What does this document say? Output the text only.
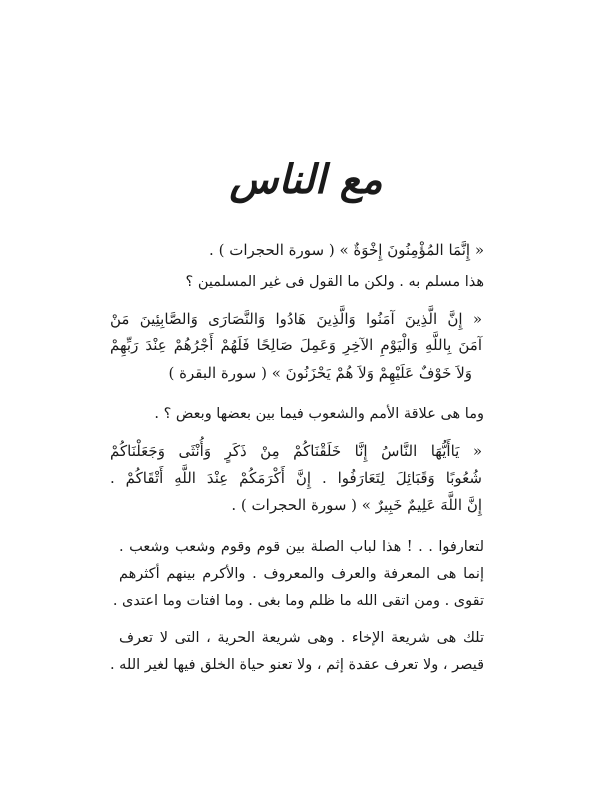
مع الناس
« إِنَّمَا المُؤْمِنُونَ إِخْوَةٌ » ( سورة الحجرات ) .
هذا مسلم به . ولكن ما القول فى غير المسلمين ؟
« إِنَّ الَّذِينَ آمَنُوا وَالَّذِينَ هَادُوا وَالنَّصَارَى وَالصَّابِئِينَ مَنْ
آمَنَ بِاللَّهِ وَالْيَوْمِ الآخِرِ وَعَمِلَ صَالِحًا فَلَهُمْ أَجْرُهُمْ عِنْدَ رَبِّهِمْ
وَلاَ خَوْفٌ عَلَيْهِمْ وَلاَ هُمْ يَحْزَنُونَ » ( سورة البقرة )
وما هى علاقة الأمم والشعوب فيما بين بعضها وبعض ؟ .
« يَاأَيُّهَا النَّاسُ إِنَّا خَلَقْنَاكُمْ مِنْ ذَكَرٍ وَأُنْثَى وَجَعَلْنَاكُمْ
شُعُوبًا وَقَبَائِلَ لِتَعَارَفُوا . إِنَّ أَكْرَمَكُمْ عِنْدَ اللَّهِ أَتْقَاكُمْ .
إِنَّ اللَّهَ عَلِيمٌ خَبِيرٌ » ( سورة الحجرات ) .
لتعارفوا . . ! هذا لباب الصلة بين قوم وقوم وشعب وشعب .
إنما هى المعرفة والعرف والمعروف . والأكرم بينهم أكثرهم
تقوى . ومن اتقى الله ما ظلم وما بغى . وما افتات وما اعتدى .
تلك هى شريعة الإخاء . وهى شريعة الحرية ، التى لا تعرف
قيصر ، ولا تعرف عقدة إثم ، ولا تعنو حياة الخلق فيها لغير الله .
